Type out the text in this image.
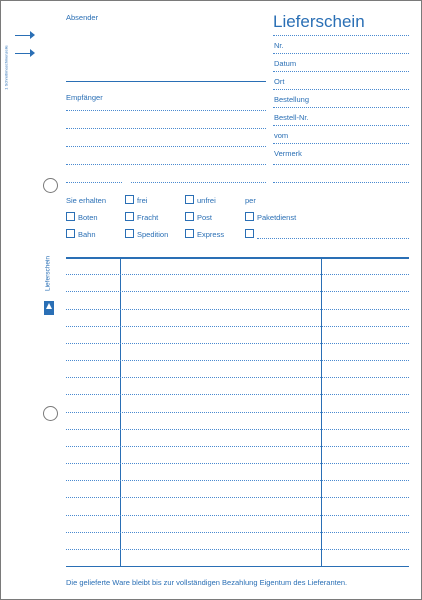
1 Schreibmaschinenzeile
Lieferschein
Lieferschein
Absender
Empfänger
Nr.
Datum
Ort
Bestellung
Bestell-Nr.
vom
Vermerk
Sie erhalten	frei	unfrei	per
Boten	Fracht	Post	Paketdienst
Bahn	Spedition	Express
Die gelieferte Ware bleibt bis zur vollständigen Bezahlung Eigentum des Lieferanten.
